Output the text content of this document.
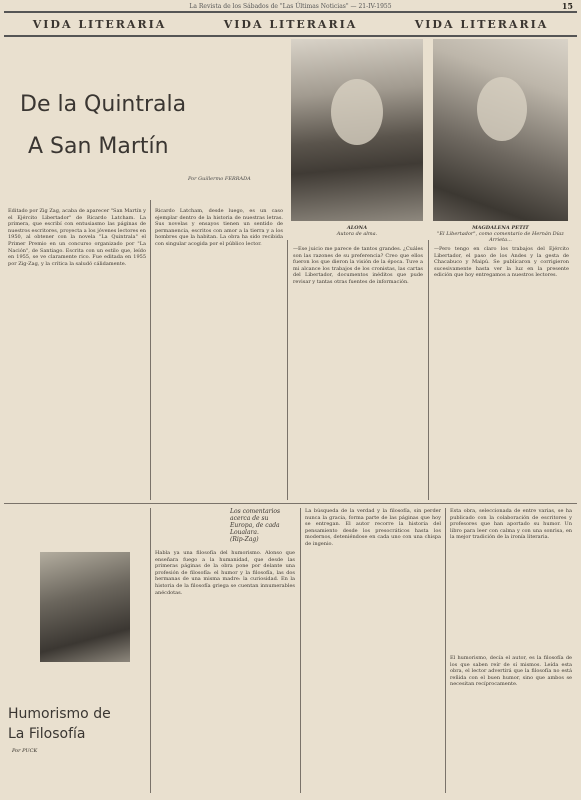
La Revista de los Sábados de "Las Últimas Noticias" — 21-IV-1955	15
VIDA LITERARIA	VIDA LITERARIA	VIDA LITERARIA
De la Quintrala
A San Martín
Por Guillermo FERRADA
ALONA
Autora de alma.
MAGDALENA PETIT
"El Libertador", como comentario de Hernán Díaz Arrieta...
Editado por Zig Zag, acaba de aparecer "San Martín y el Ejército Libertador" de Ricardo Latcham. La primera, que escribí con entusiasmo las páginas de nuestros escritores, proyecta a los jóvenes lectores en 1950, al obtener con la novela "La Quintrala" el Primer Premio en un concurso organizado por "La Nación", de Santiago. Escrita con un estilo que, leído en 1955, se ve claramente rico. Fue editada en 1955 por Zig-Zag, y la crítica la saludó cálidamente.
Ricardo Latcham, desde luego, es un caso ejemplar dentro de la historia de nuestras letras. Sus novelas y ensayos tienen un sentido de permanencia, escritos con amor a la tierra y a los hombres que la habitan. La obra ha sido recibida con singular acogida por el público lector.
—Ese juicio me parece de tantos grandes. ¿Cuáles son las razones de su preferencia? Creo que ellos fueron los que dieron la visión de la época. Tuve a mi alcance los trabajos de los cronistas, las cartas del Libertador, documentos inéditos que pude revisar y tantas otras fuentes de información.
—Pero tengo en claro los trabajos del Ejército Libertador, el paso de los Andes y la gesta de Chacabuco y Maipú. Se publicaron y corrigieron sucesivamente hasta ver la luz en la presente edición que hoy entregamos a nuestros lectores.
Los comentarios acerca de su Europa, de cada Loualara.
(Rip-Zag)
Habla ya una filosofía del humorismo. Alonso que enseñara fuego a la humanidad, que desde las primeras páginas de la obra pone por delante una profesión de filosofía: el humor y la filosofía, las dos hermanas de una misma madre: la curiosidad. En la historia de la filosofía griega se cuentan innumerables anécdotas.
La búsqueda de la verdad y la filosofía, sin perder nunca la gracia, forma parte de las páginas que hoy se entregan. El autor recorre la historia del pensamiento desde los presocráticos hasta los modernos, deteniéndose en cada uno con una chispa de ingenio.
Esta obra, seleccionada de entre varias, se ha publicado con la colaboración de escritores y profesores que han aportado su humor. Un libro para leer con calma y con una sonrisa, en la mejor tradición de la ironía literaria.
El humorismo, decía el autor, es la filosofía de los que saben reír de sí mismos. Leída esta obra, el lector advertirá que la filosofía no está reñida con el buen humor, sino que ambos se necesitan recíprocamente.
Humorismo de
La Filosofía
Por PUCK
